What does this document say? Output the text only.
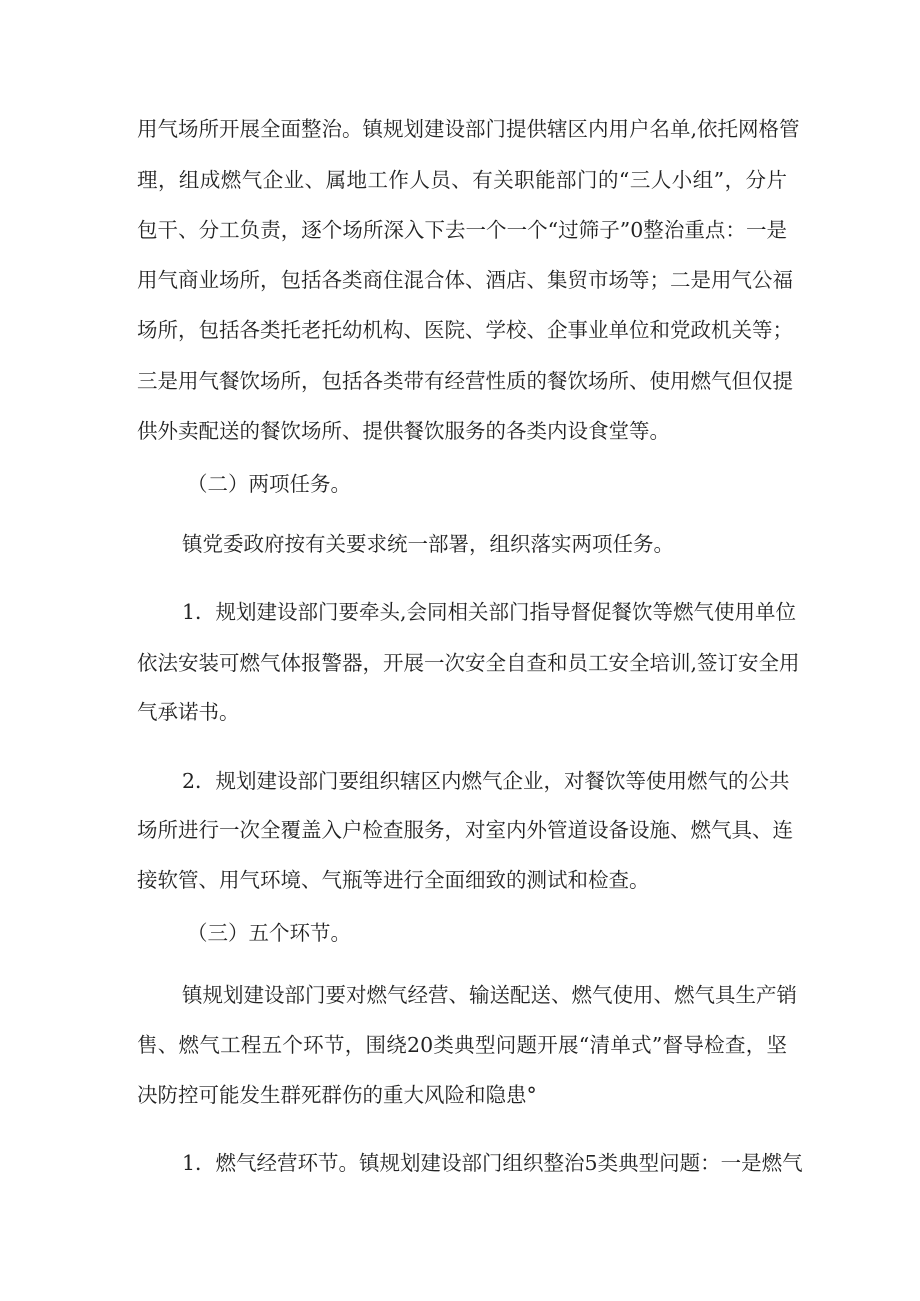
用气场所开展全面整治。镇规划建设部门提供辖区内用户名单,依托网格管

理，组成燃气企业、属地工作人员、有关职能部门的“三人小组”，分片

包干、分工负责，逐个场所深入下去一个一个“过筛子”0整治重点：一是

用气商业场所，包括各类商住混合体、酒店、集贸市场等；二是用气公福

场所，包括各类托老托幼机构、医院、学校、企事业单位和党政机关等；

三是用气餐饮场所，包括各类带有经营性质的餐饮场所、使用燃气但仅提

供外卖配送的餐饮场所、提供餐饮服务的各类内设食堂等。

（二）两项任务。

镇党委政府按有关要求统一部署，组织落实两项任务。

1．规划建设部门要牵头,会同相关部门指导督促餐饮等燃气使用单位

依法安装可燃气体报警器，开展一次安全自查和员工安全培训,签订安全用

气承诺书。

2．规划建设部门要组织辖区内燃气企业，对餐饮等使用燃气的公共

场所进行一次全覆盖入户检查服务，对室内外管道设备设施、燃气具、连

接软管、用气环境、气瓶等进行全面细致的测试和检查。

（三）五个环节。

镇规划建设部门要对燃气经营、输送配送、燃气使用、燃气具生产销

售、燃气工程五个环节，围绕20类典型问题开展“清单式”督导检查，坚

决防控可能发生群死群伤的重大风险和隐患°

1．燃气经营环节。镇规划建设部门组织整治5类典型问题：一是燃气
